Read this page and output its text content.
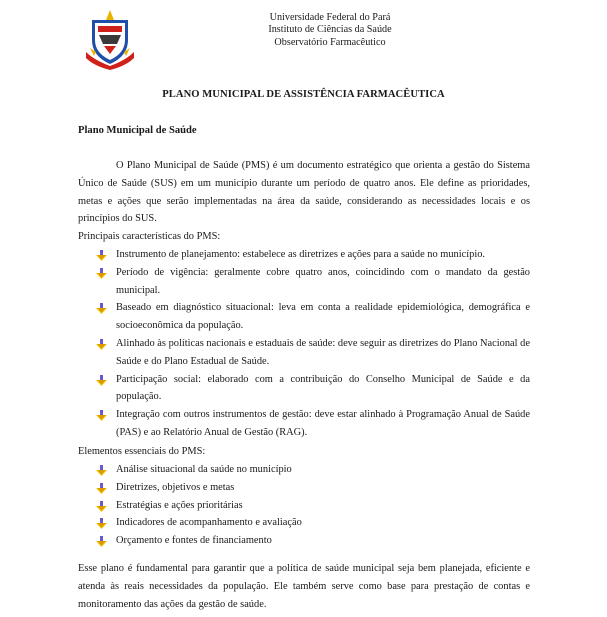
Universidade Federal do Pará
Instituto de Ciências da Saúde
Observatório Farmacêutico
PLANO MUNICIPAL DE ASSISTÊNCIA FARMACÊUTICA
Plano Municipal de Saúde
O Plano Municipal de Saúde (PMS) é um documento estratégico que orienta a gestão do Sistema Único de Saúde (SUS) em um município durante um período de quatro anos. Ele define as prioridades, metas e ações que serão implementadas na área da saúde, considerando as necessidades locais e os princípios do SUS.
Principais características do PMS:
Instrumento de planejamento: estabelece as diretrizes e ações para a saúde no município.
Período de vigência: geralmente cobre quatro anos, coincidindo com o mandato da gestão municipal.
Baseado em diagnóstico situacional: leva em conta a realidade epidemiológica, demográfica e socioeconômica da população.
Alinhado às políticas nacionais e estaduais de saúde: deve seguir as diretrizes do Plano Nacional de Saúde e do Plano Estadual de Saúde.
Participação social: elaborado com a contribuição do Conselho Municipal de Saúde e da população.
Integração com outros instrumentos de gestão: deve estar alinhado à Programação Anual de Saúde (PAS) e ao Relatório Anual de Gestão (RAG).
Elementos essenciais do PMS:
Análise situacional da saúde no município
Diretrizes, objetivos e metas
Estratégias e ações prioritárias
Indicadores de acompanhamento e avaliação
Orçamento e fontes de financiamento
Esse plano é fundamental para garantir que a política de saúde municipal seja bem planejada, eficiente e atenda às reais necessidades da população. Ele também serve como base para prestação de contas e monitoramento das ações da gestão de saúde.
